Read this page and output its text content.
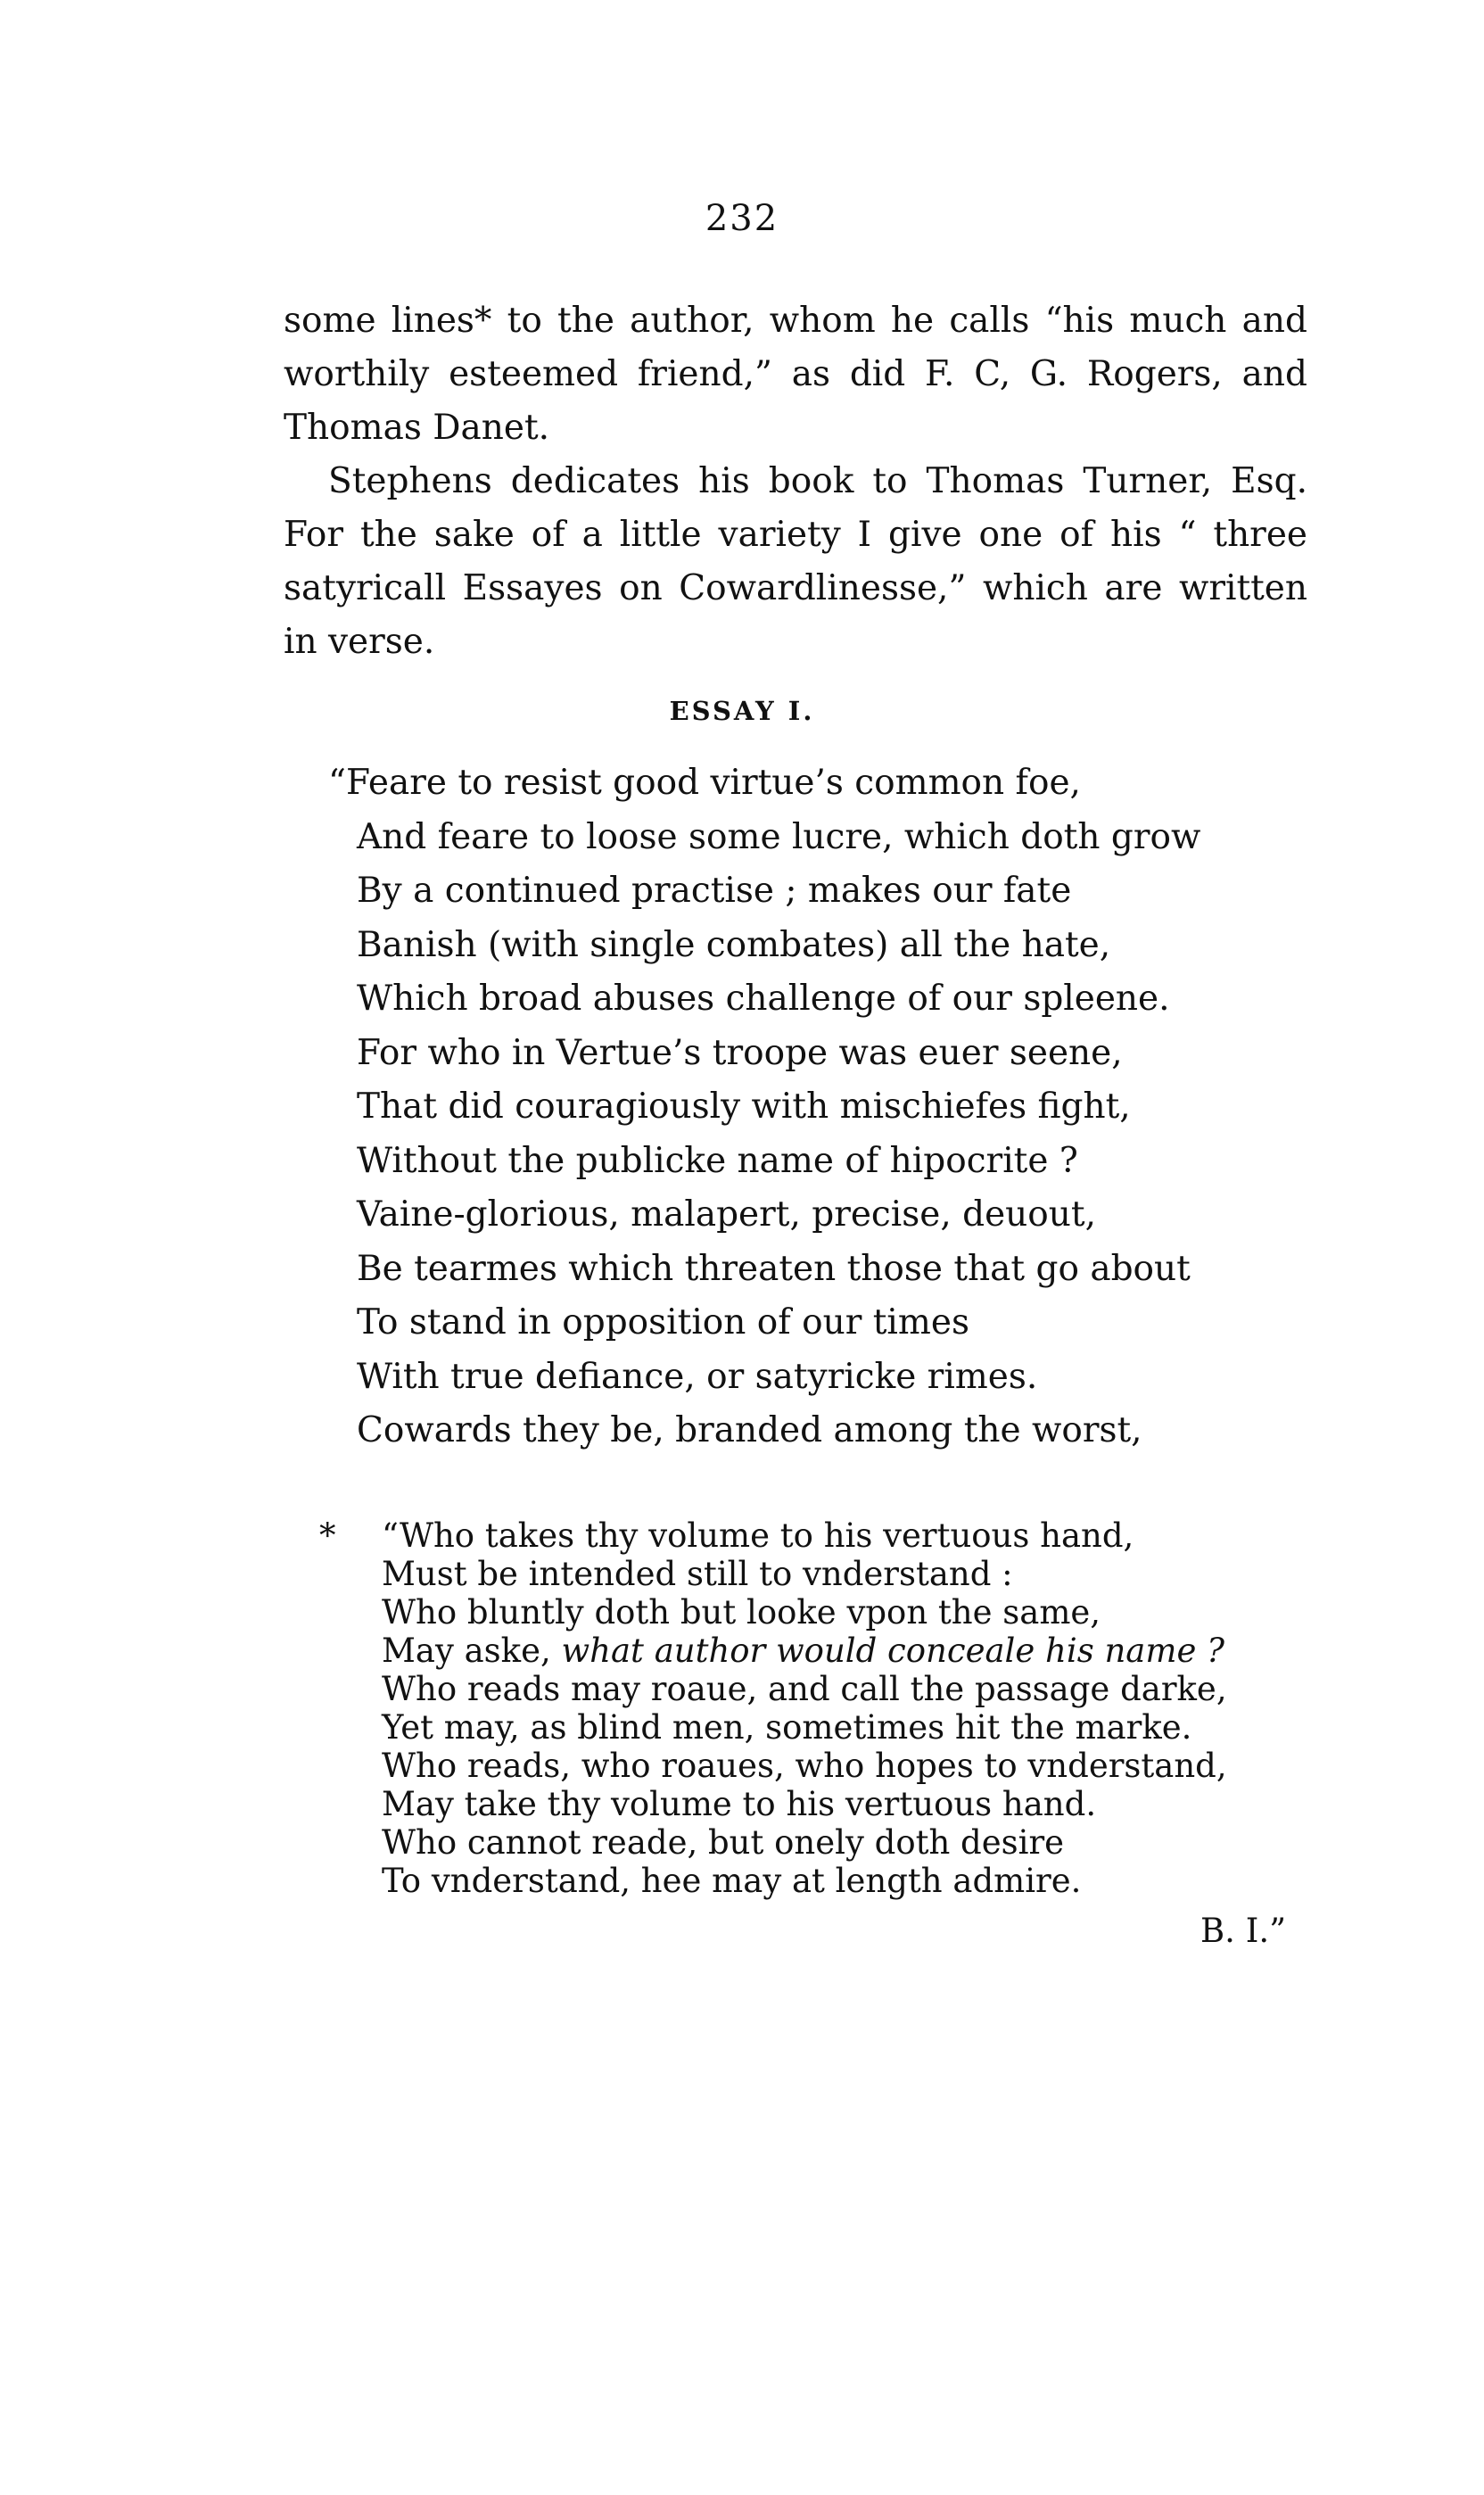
232

some lines* to the author, whom he calls “his much and worthily esteemed friend,” as did F. C, G. Rogers, and Thomas Danet.

Stephens dedicates his book to Thomas Turner, Esq. For the sake of a little variety I give one of his “ three satyricall Essayes on Cowardlinesse,” which are written in verse.

ESSAY I.
“Feare to resist good virtue’s common foe,
And feare to loose some lucre, which doth grow
By a continued practise ; makes our fate
Banish (with single combates) all the hate,
Which broad abuses challenge of our spleene.
For who in Vertue’s troope was euer seene,
That did couragiously with mischiefes fight,
Without the publicke name of hipocrite ?
Vaine-glorious, malapert, precise, deuout,
Be tearmes which threaten those that go about
To stand in opposition of our times
With true defiance, or satyricke rimes.
Cowards they be, branded among the worst,
* “Who takes thy volume to his vertuous hand,
Must be intended still to vnderstand :
Who bluntly doth but looke vpon the same,
May aske, what author would conceale his name ?
Who reads may roaue, and call the passage darke,
Yet may, as blind men, sometimes hit the marke.
Who reads, who roaues, who hopes to vnderstand,
May take thy volume to his vertuous hand.
Who cannot reade, but onely doth desire
To vnderstand, hee may at length admire.
B. I.”
